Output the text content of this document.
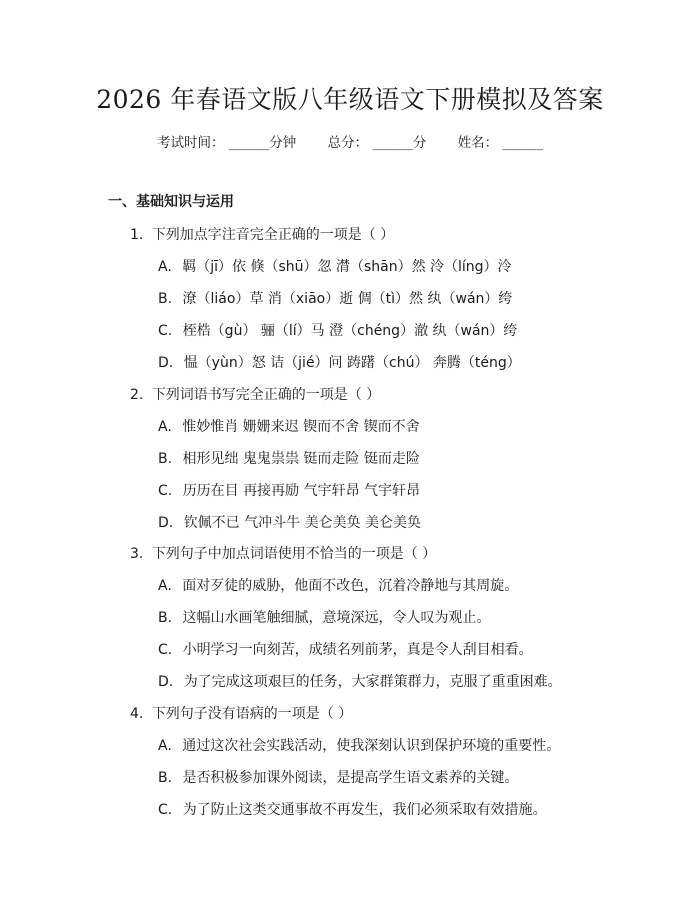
2026 年春语文版八年级语文下册模拟及答案
考试时间： ______分钟　　 总分： ______分　　 姓名： ______
一、基础知识与运用
1. 下列加点字注音完全正确的一项是（ ）
A. 羁（jī）依 倏（shū）忽 潸（shān）然 泠（líng）泠
B. 潦（liáo）草 消（xiāo）逝 倜（tì）然 纨（wán）绔
C. 桎梏（gù） 骊（lí）马 澄（chéng）澈 纨（wán）绔
D. 愠（yùn）怒 诘（jié）问 踌躇（chú） 奔腾（téng）
2. 下列词语书写完全正确的一项是（ ）
A. 惟妙惟肖 姗姗来迟 锲而不舍 锲而不舍
B. 相形见绌 鬼鬼祟祟 铤而走险 铤而走险
C. 历历在目 再接再励 气宇轩昂 气宇轩昂
D. 钦佩不已 气冲斗牛 美仑美奂 美仑美奂
3. 下列句子中加点词语使用不恰当的一项是（ ）
A. 面对歹徒的威胁，他面不改色，沉着冷静地与其周旋。
B. 这幅山水画笔触细腻，意境深远，令人叹为观止。
C. 小明学习一向刻苦，成绩名列前茅，真是令人刮目相看。
D. 为了完成这项艰巨的任务，大家群策群力，克服了重重困难。
4. 下列句子没有语病的一项是（ ）
A. 通过这次社会实践活动，使我深刻认识到保护环境的重要性。
B. 是否积极参加课外阅读，是提高学生语文素养的关键。
C. 为了防止这类交通事故不再发生，我们必须采取有效措施。
